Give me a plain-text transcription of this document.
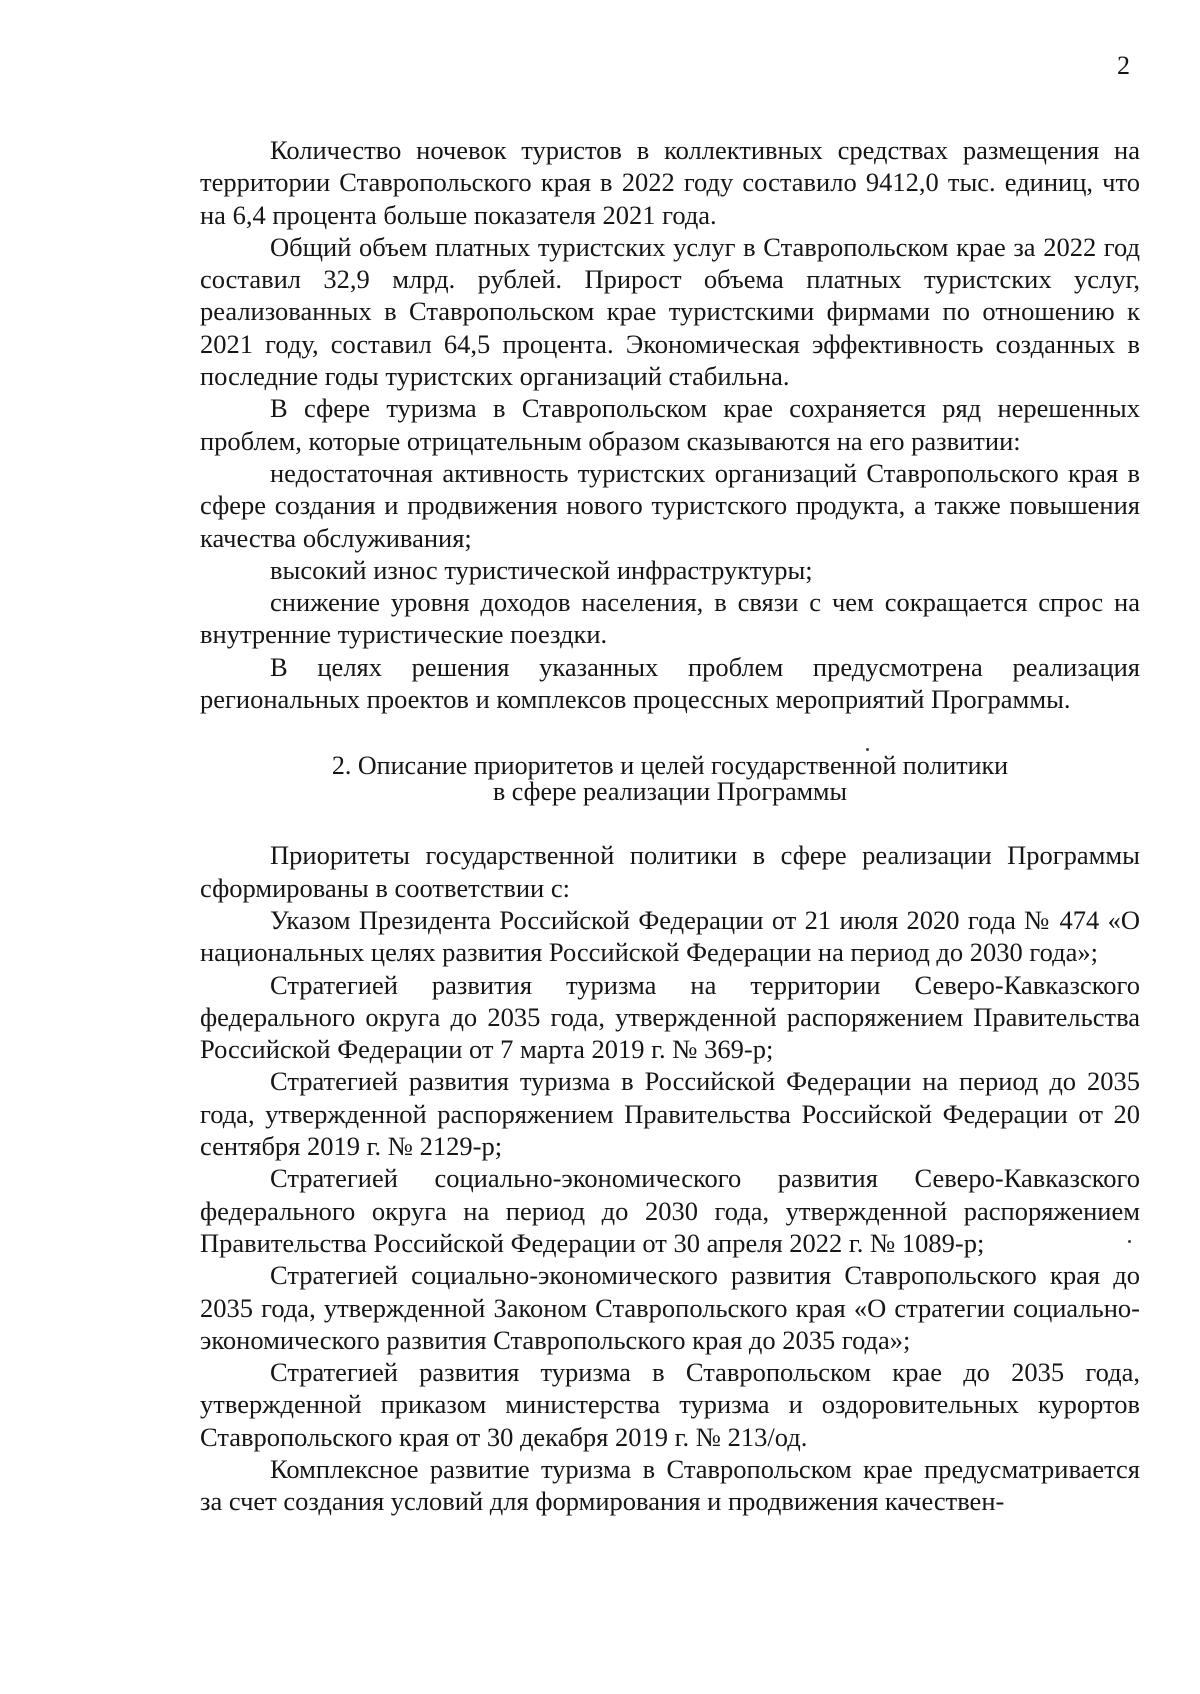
2

Количество ночевок туристов в коллективных средствах размещения на территории Ставропольского края в 2022 году составило 9412,0 тыс. единиц, что на 6,4 процента больше показателя 2021 года.

Общий объем платных туристских услуг в Ставропольском крае за 2022 год составил 32,9 млрд. рублей. Прирост объема платных туристских услуг, реализованных в Ставропольском крае туристскими фирмами по отношению к 2021 году, составил 64,5 процента. Экономическая эффективность созданных в последние годы туристских организаций стабильна.

В сфере туризма в Ставропольском крае сохраняется ряд нерешенных проблем, которые отрицательным образом сказываются на его развитии:

недостаточная активность туристских организаций Ставропольского края в сфере создания и продвижения нового туристского продукта, а также повышения качества обслуживания;

высокий износ туристической инфраструктуры;

снижение уровня доходов населения, в связи с чем сокращается спрос на внутренние туристические поездки.

В целях решения указанных проблем предусмотрена реализация региональных проектов и комплексов процессных мероприятий Программы.

2. Описание приоритетов и целей государственной политики
в сфере реализации Программы

Приоритеты государственной политики в сфере реализации Программы сформированы в соответствии с:

Указом Президента Российской Федерации от 21 июля 2020 года № 474 «О национальных целях развития Российской Федерации на период до 2030 года»;

Стратегией развития туризма на территории Северо-Кавказского федерального округа до 2035 года, утвержденной распоряжением Правительства Российской Федерации от 7 марта 2019 г. № 369-р;

Стратегией развития туризма в Российской Федерации на период до 2035 года, утвержденной распоряжением Правительства Российской Федерации от 20 сентября 2019 г. № 2129-р;

Стратегией социально-экономического развития Северо-Кавказского федерального округа на период до 2030 года, утвержденной распоряжением Правительства Российской Федерации от 30 апреля 2022 г. № 1089-р;

Стратегией социально-экономического развития Ставропольского края до 2035 года, утвержденной Законом Ставропольского края «О стратегии социально-экономического развития Ставропольского края до 2035 года»;

Стратегией развития туризма в Ставропольском крае до 2035 года, утвержденной приказом министерства туризма и оздоровительных курортов Ставропольского края от 30 декабря 2019 г. № 213/од.

Комплексное развитие туризма в Ставропольском крае предусматривается за счет создания условий для формирования и продвижения качествен-
